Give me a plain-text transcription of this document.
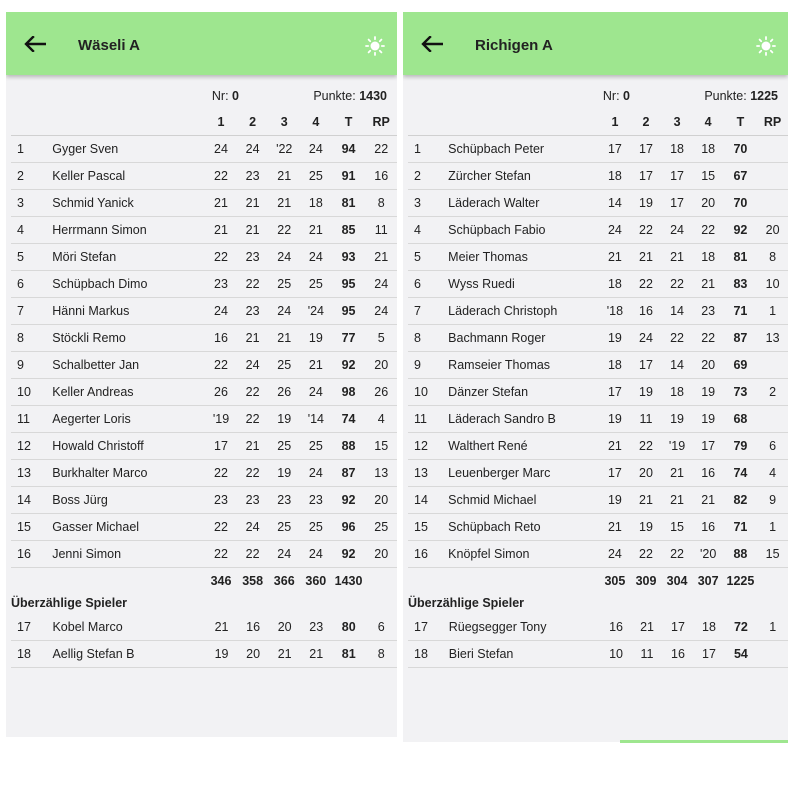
Wäseli A
Nr: 0	Punkte: 1430
		1	2	3	4	T	RP
1	Gyger Sven	24	24	'22	24	94	22
2	Keller Pascal	22	23	21	25	91	16
3	Schmid Yanick	21	21	21	18	81	8
4	Herrmann Simon	21	21	22	21	85	11
5	Möri Stefan	22	23	24	24	93	21
6	Schüpbach Dimo	23	22	25	25	95	24
7	Hänni Markus	24	23	24	'24	95	24
8	Stöckli Remo	16	21	21	19	77	5
9	Schalbetter Jan	22	24	25	21	92	20
10	Keller Andreas	26	22	26	24	98	26
11	Aegerter Loris	'19	22	19	'14	74	4
12	Howald Christoff	17	21	25	25	88	15
13	Burkhalter Marco	22	22	19	24	87	13
14	Boss Jürg	23	23	23	23	92	20
15	Gasser Michael	22	24	25	25	96	25
16	Jenni Simon	22	22	24	24	92	20
		346	358	366	360	1430	
Überzählige Spieler
17	Kobel Marco	21	16	20	23	80	6
18	Aellig Stefan B	19	20	21	21	81	8
Richigen A
Nr: 0	Punkte: 1225
		1	2	3	4	T	RP
1	Schüpbach Peter	17	17	18	18	70	
2	Zürcher Stefan	18	17	17	15	67	
3	Läderach Walter	14	19	17	20	70	
4	Schüpbach Fabio	24	22	24	22	92	20
5	Meier Thomas	21	21	21	18	81	8
6	Wyss Ruedi	18	22	22	21	83	10
7	Läderach Christoph	'18	16	14	23	71	1
8	Bachmann Roger	19	24	22	22	87	13
9	Ramseier Thomas	18	17	14	20	69	
10	Dänzer Stefan	17	19	18	19	73	2
11	Läderach Sandro B	19	11	19	19	68	
12	Walthert René	21	22	'19	17	79	6
13	Leuenberger Marc	17	20	21	16	74	4
14	Schmid Michael	19	21	21	21	82	9
15	Schüpbach Reto	21	19	15	16	71	1
16	Knöpfel Simon	24	22	22	'20	88	15
		305	309	304	307	1225	
Überzählige Spieler
17	Rüegsegger Tony	16	21	17	18	72	1
18	Bieri Stefan	10	11	16	17	54	
